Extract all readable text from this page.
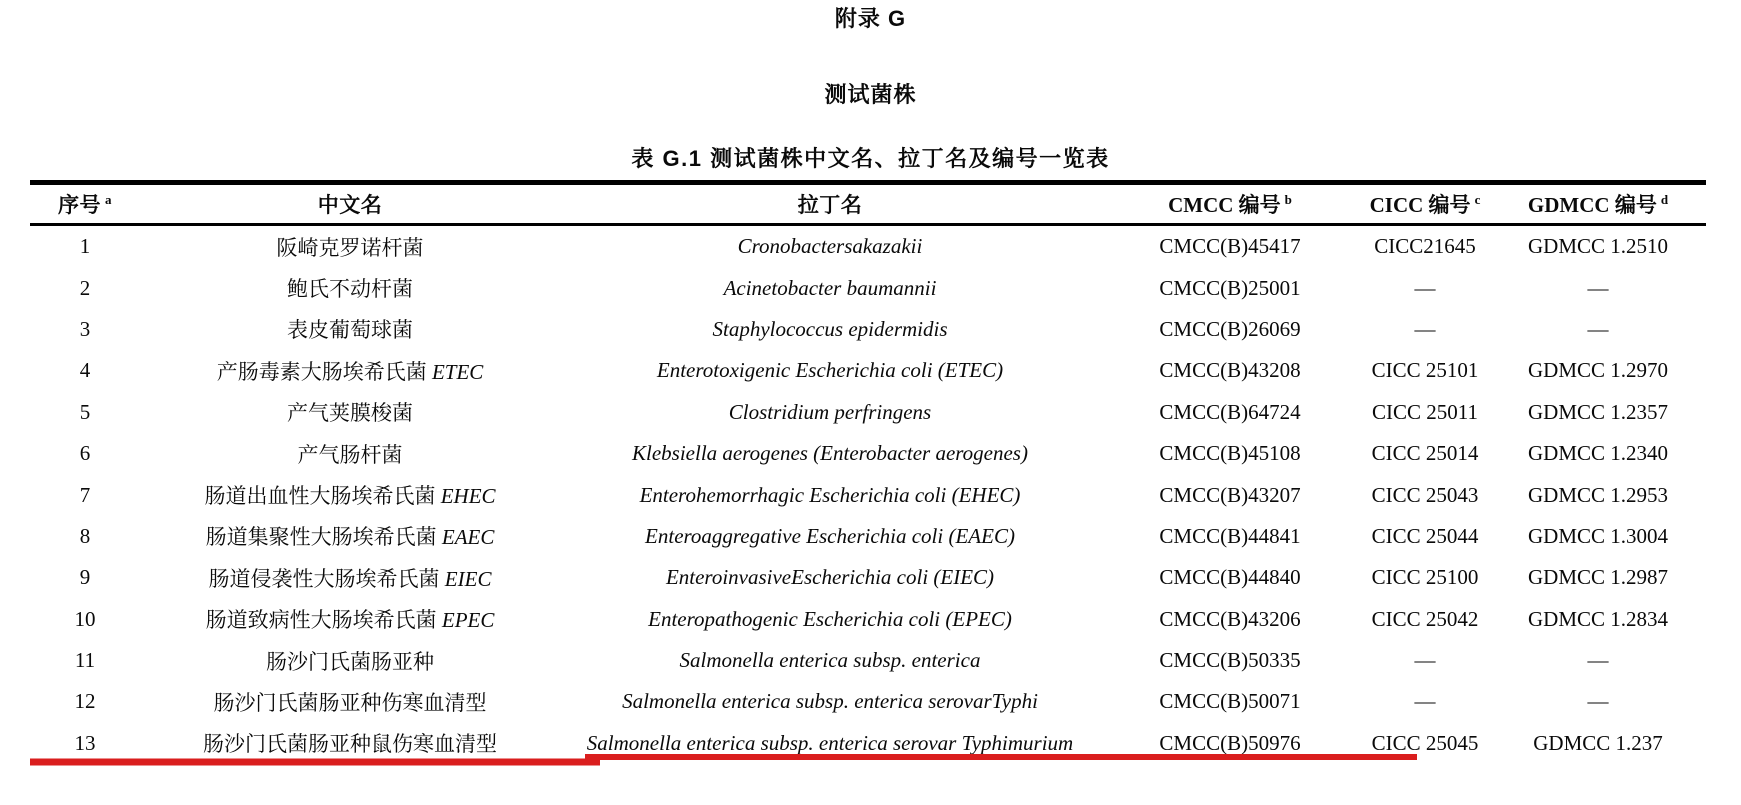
附录 G
测试菌株
表 G.1 测试菌株中文名、拉丁名及编号一览表
序号 $^a$	中文名	拉丁名	CMCC 编号 $^b$	CICC 编号 $^c$	GDMCC 编号 $^d$
1	阪崎克罗诺杆菌	Cronobactersakazakii	CMCC(B)45417	CICC21645	GDMCC 1.2510
2	鲍氏不动杆菌	Acinetobacter baumannii	CMCC(B)25001	—	—
3	表皮葡萄球菌	Staphylococcus epidermidis	CMCC(B)26069	—	—
4	产肠毒素大肠埃希氏菌 ETEC	Enterotoxigenic Escherichia coli (ETEC)	CMCC(B)43208	CICC 25101	GDMCC 1.2970
5	产气荚膜梭菌	Clostridium perfringens	CMCC(B)64724	CICC 25011	GDMCC 1.2357
6	产气肠杆菌	Klebsiella aerogenes (Enterobacter aerogenes)	CMCC(B)45108	CICC 25014	GDMCC 1.2340
7	肠道出血性大肠埃希氏菌 EHEC	Enterohemorrhagic Escherichia coli (EHEC)	CMCC(B)43207	CICC 25043	GDMCC 1.2953
8	肠道集聚性大肠埃希氏菌 EAEC	Enteroaggregative Escherichia coli (EAEC)	CMCC(B)44841	CICC 25044	GDMCC 1.3004
9	肠道侵袭性大肠埃希氏菌 EIEC	EnteroinvasiveEscherichia coli (EIEC)	CMCC(B)44840	CICC 25100	GDMCC 1.2987
10	肠道致病性大肠埃希氏菌 EPEC	Enteropathogenic Escherichia coli (EPEC)	CMCC(B)43206	CICC 25042	GDMCC 1.2834
11	肠沙门氏菌肠亚种	Salmonella enterica subsp. enterica	CMCC(B)50335	—	—
12	肠沙门氏菌肠亚种伤寒血清型	Salmonella enterica subsp. enterica serovarTyphi	CMCC(B)50071	—	—
13	肠沙门氏菌肠亚种鼠伤寒血清型	Salmonella enterica subsp. enterica serovar Typhimurium	CMCC(B)50976	CICC 25045	GDMCC 1.237
